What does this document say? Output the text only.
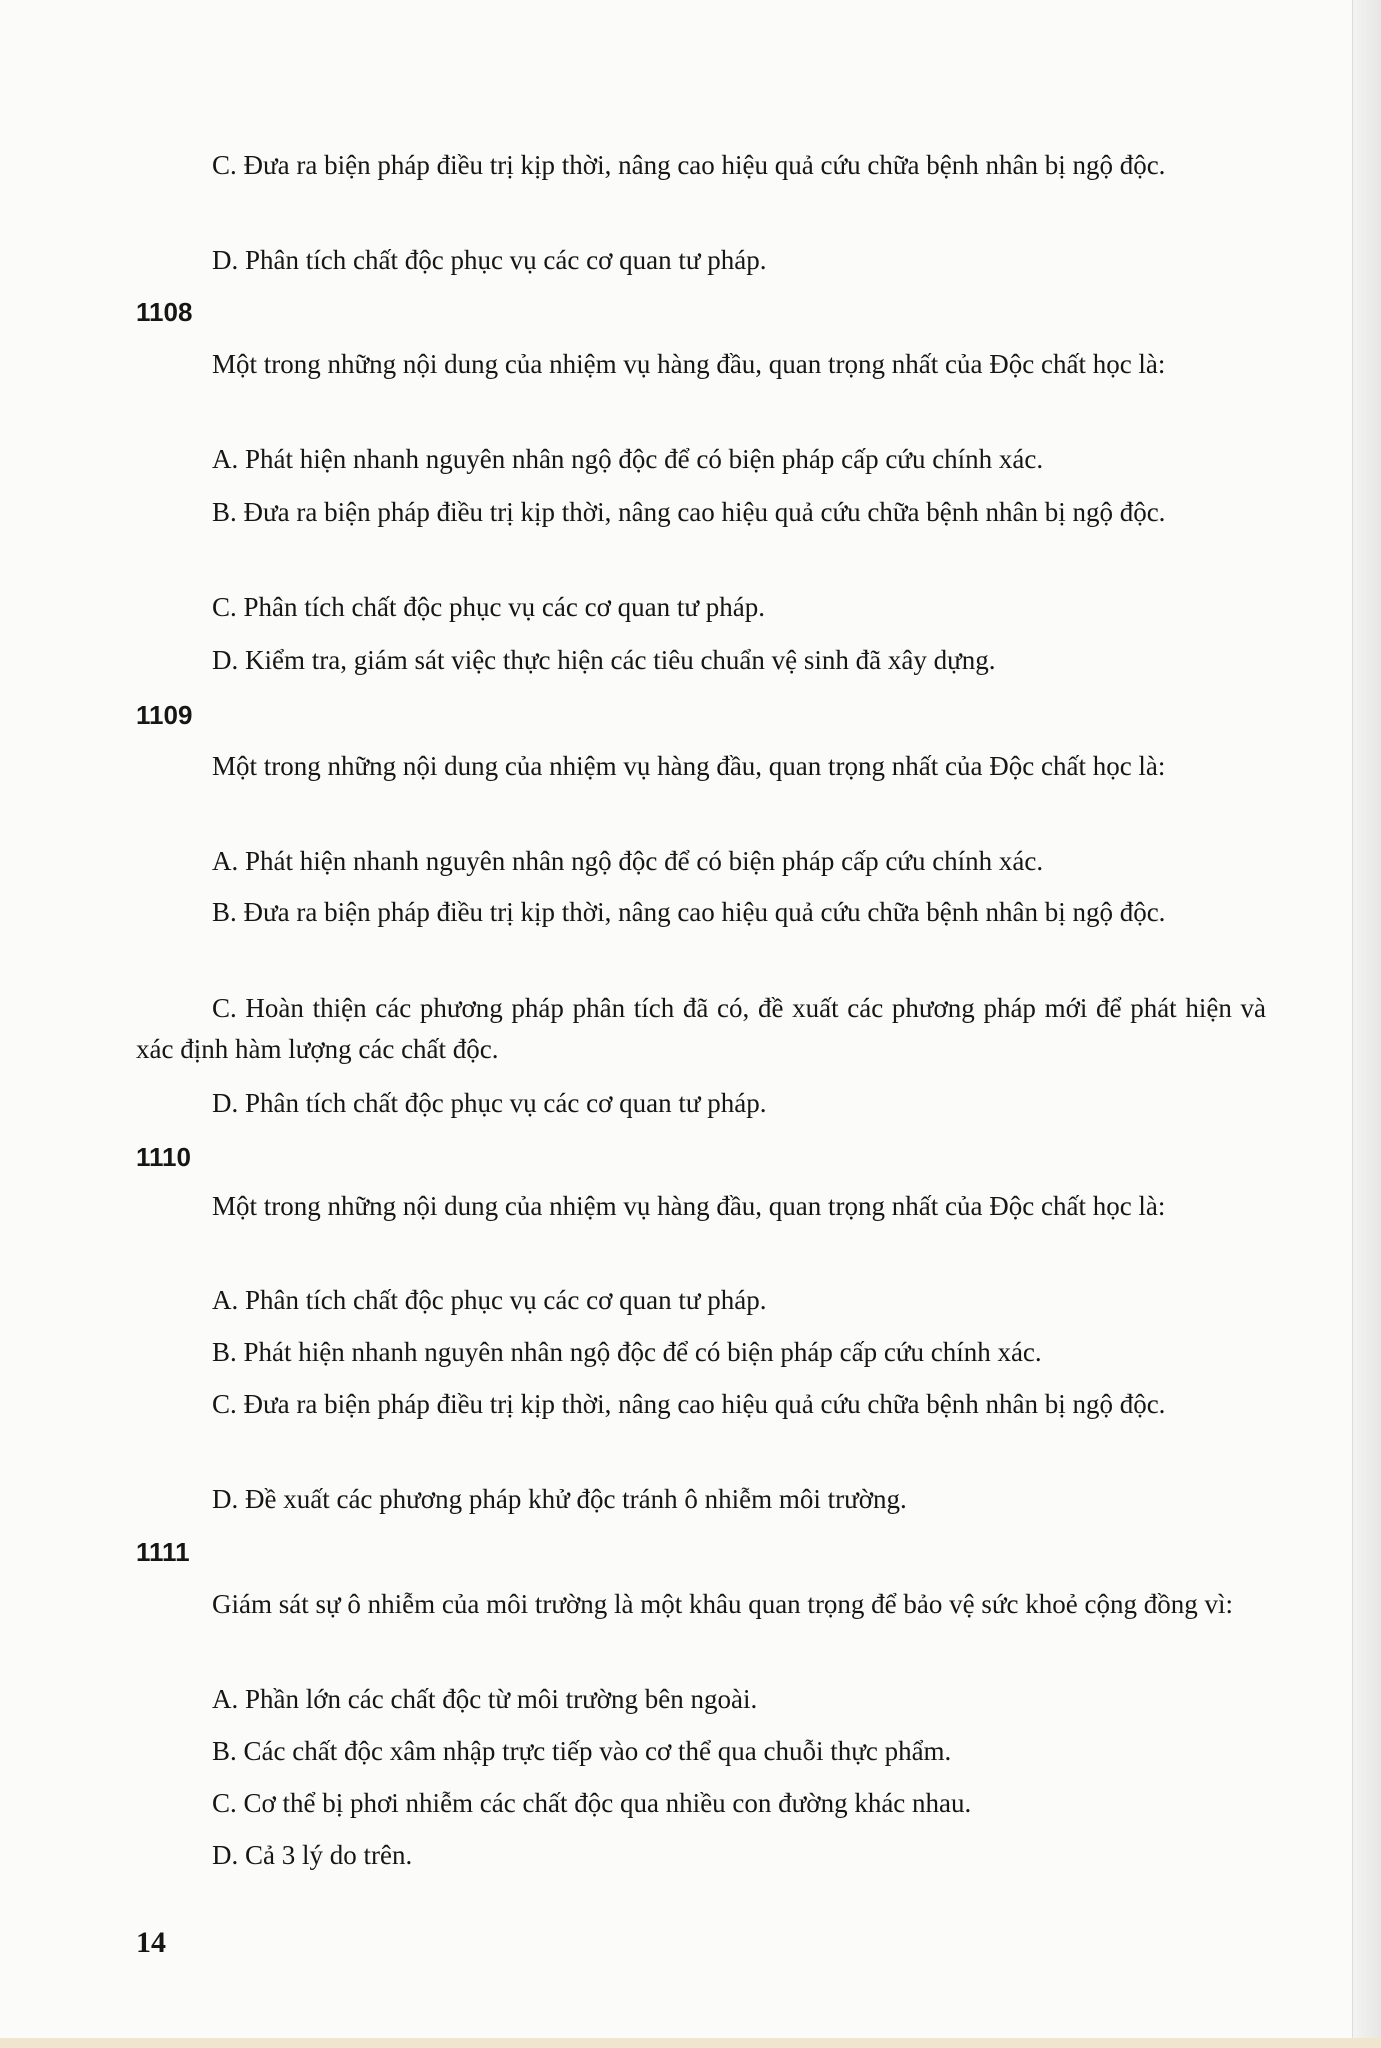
C. Đưa ra biện pháp điều trị kịp thời, nâng cao hiệu quả cứu chữa bệnh nhân bị ngộ độc.

D. Phân tích chất độc phục vụ các cơ quan tư pháp.

1108

Một trong những nội dung của nhiệm vụ hàng đầu, quan trọng nhất của Độc chất học là:

A. Phát hiện nhanh nguyên nhân ngộ độc để có biện pháp cấp cứu chính xác.

B. Đưa ra biện pháp điều trị kịp thời, nâng cao hiệu quả cứu chữa bệnh nhân bị ngộ độc.

C. Phân tích chất độc phục vụ các cơ quan tư pháp.

D. Kiểm tra, giám sát việc thực hiện các tiêu chuẩn vệ sinh đã xây dựng.

1109

Một trong những nội dung của nhiệm vụ hàng đầu, quan trọng nhất của Độc chất học là:

A. Phát hiện nhanh nguyên nhân ngộ độc để có biện pháp cấp cứu chính xác.

B. Đưa ra biện pháp điều trị kịp thời, nâng cao hiệu quả cứu chữa bệnh nhân bị ngộ độc.

C. Hoàn thiện các phương pháp phân tích đã có, đề xuất các phương pháp mới để phát hiện và xác định hàm lượng các chất độc.

D. Phân tích chất độc phục vụ các cơ quan tư pháp.

1110

Một trong những nội dung của nhiệm vụ hàng đầu, quan trọng nhất của Độc chất học là:

A. Phân tích chất độc phục vụ các cơ quan tư pháp.

B. Phát hiện nhanh nguyên nhân ngộ độc để có biện pháp cấp cứu chính xác.

C. Đưa ra biện pháp điều trị kịp thời, nâng cao hiệu quả cứu chữa bệnh nhân bị ngộ độc.

D. Đề xuất các phương pháp khử độc tránh ô nhiễm môi trường.

1111

Giám sát sự ô nhiễm của môi trường là một khâu quan trọng để bảo vệ sức khoẻ cộng đồng vì:

A. Phần lớn các chất độc từ môi trường bên ngoài.

B. Các chất độc xâm nhập trực tiếp vào cơ thể qua chuỗi thực phẩm.

C. Cơ thể bị phơi nhiễm các chất độc qua nhiều con đường khác nhau.

D. Cả 3 lý do trên.

14
